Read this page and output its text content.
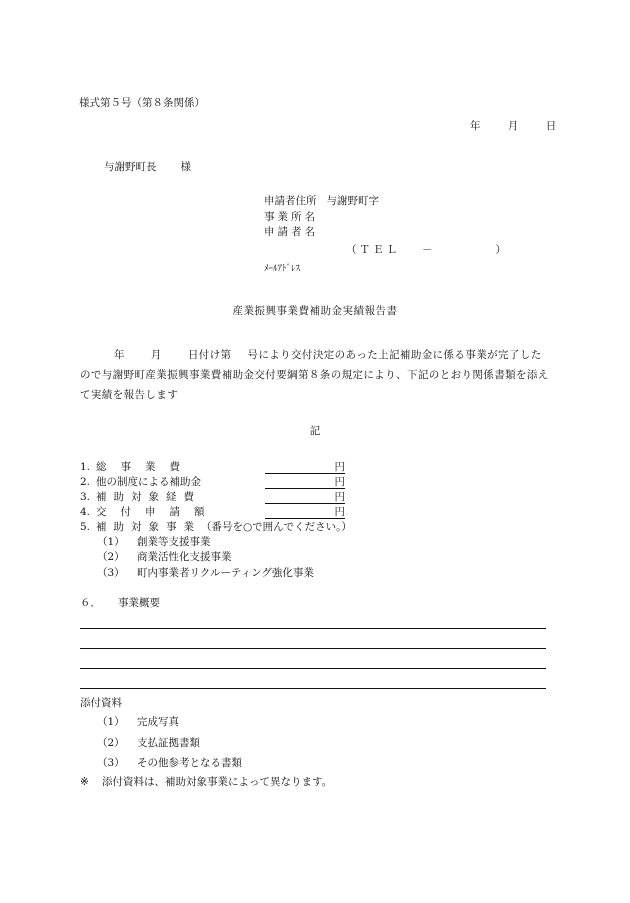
様式第５号（第８条関係）
年	月	日
与謝野町長 様
申請者住所 与謝野町字
事業所名
申請者名
（ＴＥＬ －	）
ﾒｰﾙｱﾄﾞﾚｽ
産業振興事業費補助金実績報告書
年 月 日付け第 号により交付決定のあった上記補助金に係る事業が完了したので与謝野町産業振興事業費補助金交付要綱第８条の規定により、下記のとおり関係書類を添えて実績を報告します
記
1. 総事業費	円
2. 他の制度による補助金	円
3. 補助対象経費	円
4. 交付申請額	円
5. 補助対象事業（番号を○で囲んでください。）
（1） 創業等支援事業
（2） 商業活性化支援事業
（3） 町内事業者リクルーティング強化事業
６． 事業概要
添付資料
（1） 完成写真
（2） 支払証拠書類
（3） その他参考となる書類
※ 添付資料は、補助対象事業によって異なります。
